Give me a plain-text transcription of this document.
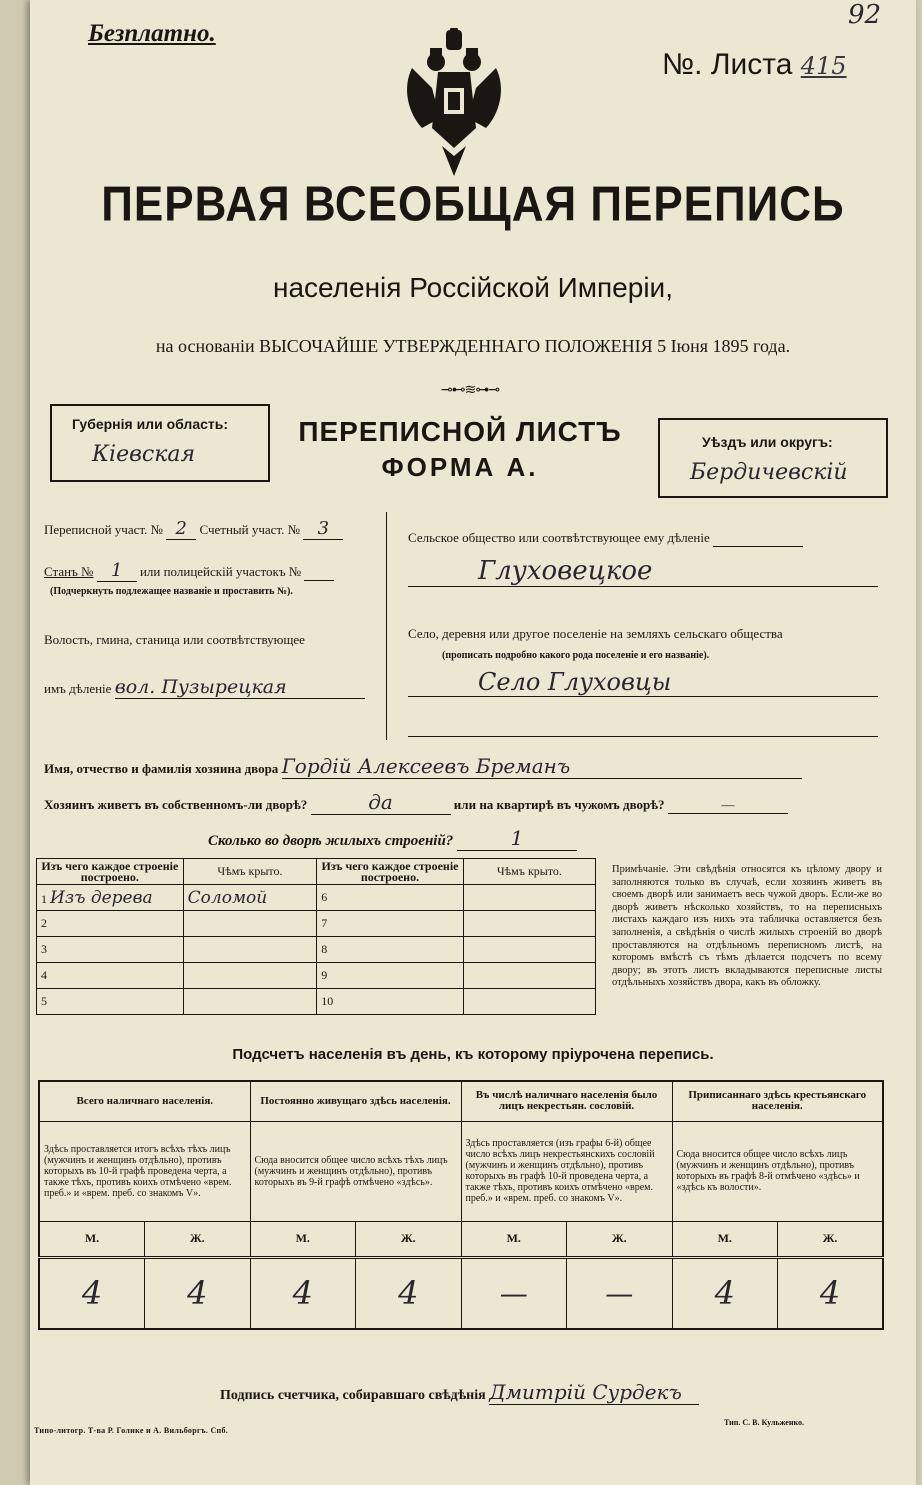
Безплатно.
92
№. Листа 415
ПЕРВАЯ ВСЕОБЩАЯ ПЕРЕПИСЬ
населенія Россійской Имперіи,
на основаніи ВЫСОЧАЙШЕ УТВЕРЖДЕННАГО ПОЛОЖЕНІЯ 5 Іюня 1895 года.
⊸⊷≋⊶⊸
Губернія или область:
Кiевская
ПЕРЕПИСНОЙ ЛИСТЪ
ФОРМА А.
Уѣздъ или округъ:
Бердичевскiй
Переписной участ. № 2 Счетный участ. № 3
Станъ № 1 или полицейскій участокъ №
(Подчеркнуть подлежащее названіе и проставить №).
Волость, гмина, станица или соотвѣтствующее
имъ дѣленіе вол. Пузырецкая
Сельское общество или соотвѣтствующее ему дѣленіе
Глуховецкое
Село, деревня или другое поселеніе на земляхъ сельскаго общества
(прописать подробно какого рода поселеніе и его названіе).
Село Глуховцы
Имя, отчество и фамилія хозяина двора Гордiй Алексеевъ Бреманъ
Хозяинъ живетъ въ собственномъ-ли дворѣ?	да	или на квартирѣ въ чужомъ дворѣ?	—
Сколько во дворѣ жилыхъ строеній?	1
Изъ чего каждое строеніе построено.	Чѣмъ крыто.	Изъ чего каждое строеніе построено.	Чѣмъ крыто.
1 Изъ дерева	Соломой	6	
2		7	
3		8	
4		9	
5		10	
Примѣчаніе. Эти свѣдѣнія относятся къ цѣлому двору и заполняются только въ случаѣ, если хозяинъ живетъ въ своемъ дворѣ или занимаетъ весь чужой дворъ. Если-же во дворѣ живетъ нѣсколько хозяйствъ, то на переписныхъ листахъ каждаго изъ нихъ эта табличка оставляется безъ заполненія, а свѣдѣнія о числѣ жилыхъ строеній во дворѣ проставляются на отдѣльномъ переписномъ листѣ, на которомъ вмѣстѣ съ тѣмъ дѣлается подсчетъ по всему двору; въ этотъ листъ вкладываются переписные листы отдѣльныхъ хозяйствъ двора, какъ въ обложку.
Подсчетъ населенія въ день, къ которому пріурочена перепись.
Всего наличнаго населенія.		Постоянно живущаго здѣсь населенія.		Въ числѣ наличнаго населенія было лицъ некрестьян. сословій.		Приписаннаго здѣсь крестьянскаго населенія.	
Здѣсь проставляется итогъ всѣхъ тѣхъ лицъ (мужчинъ и женщинъ отдѣльно), противъ которыхъ въ 10-й графѣ проведена черта, а также тѣхъ, противъ коихъ отмѣчено «врем. преб.» и «врем. преб. со знакомъ V».		Сюда вносится общее число всѣхъ тѣхъ лицъ (мужчинъ и женщинъ отдѣльно), противъ которыхъ въ 9-й графѣ отмѣчено «здѣсь».		Здѣсь проставляется (изъ графы 6-й) общее число всѣхъ лицъ некрестьянскихъ сословій (мужчинъ и женщинъ отдѣльно), противъ которыхъ въ графѣ 10-й проведена черта, а также тѣхъ, противъ коихъ отмѣчено «врем. преб.» и «врем. преб. со знакомъ V».		Сюда вносится общее число всѣхъ лицъ (мужчинъ и женщинъ отдѣльно), противъ которыхъ въ графѣ 8-й отмѣчено «здѣсь» и «здѣсь къ волости».	
М.	Ж.	М.	Ж.	М.	Ж.	М.	Ж.
4	4	4	4	—	—	4	4
Подпись счетчика, собиравшаго свѣдѣнія Дмитрiй Сурдекъ
Типо-литогр. Т-ва Р. Голике и А. Вильборгъ. Спб.
Тип. С. В. Кульженко.
